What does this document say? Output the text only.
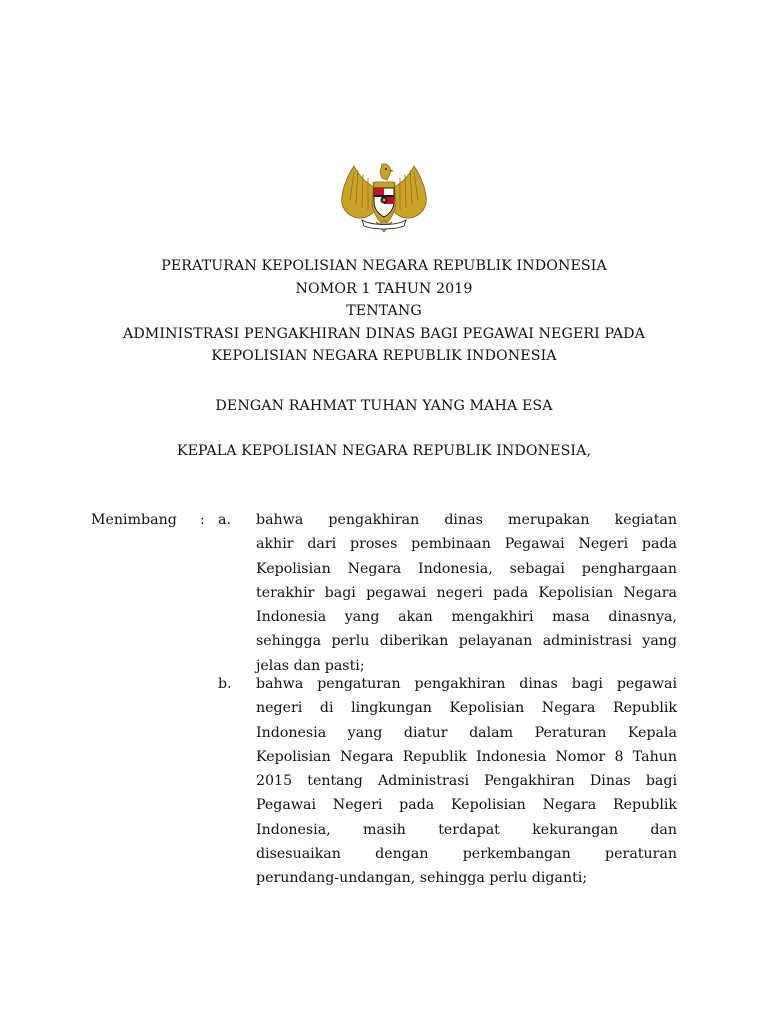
PERATURAN KEPOLISIAN NEGARA REPUBLIK INDONESIA
NOMOR 1 TAHUN 2019
TENTANG
ADMINISTRASI PENGAKHIRAN DINAS BAGI PEGAWAI NEGERI PADA
KEPOLISIAN NEGARA REPUBLIK INDONESIA
DENGAN RAHMAT TUHAN YANG MAHA ESA
KEPALA KEPOLISIAN NEGARA REPUBLIK INDONESIA,
Menimbang : a. bahwa pengakhiran dinas merupakan kegiatan
akhir dari proses pembinaan Pegawai Negeri pada
Kepolisian Negara Indonesia, sebagai penghargaan
terakhir bagi pegawai negeri pada Kepolisian Negara
Indonesia yang akan mengakhiri masa dinasnya,
sehingga perlu diberikan pelayanan administrasi yang
jelas dan pasti;
b. bahwa pengaturan pengakhiran dinas bagi pegawai
negeri di lingkungan Kepolisian Negara Republik
Indonesia yang diatur dalam Peraturan Kepala
Kepolisian Negara Republik Indonesia Nomor 8 Tahun
2015 tentang Administrasi Pengakhiran Dinas bagi
Pegawai Negeri pada Kepolisian Negara Republik
Indonesia, masih terdapat kekurangan dan
disesuaikan dengan perkembangan peraturan
perundang-undangan, sehingga perlu diganti;
